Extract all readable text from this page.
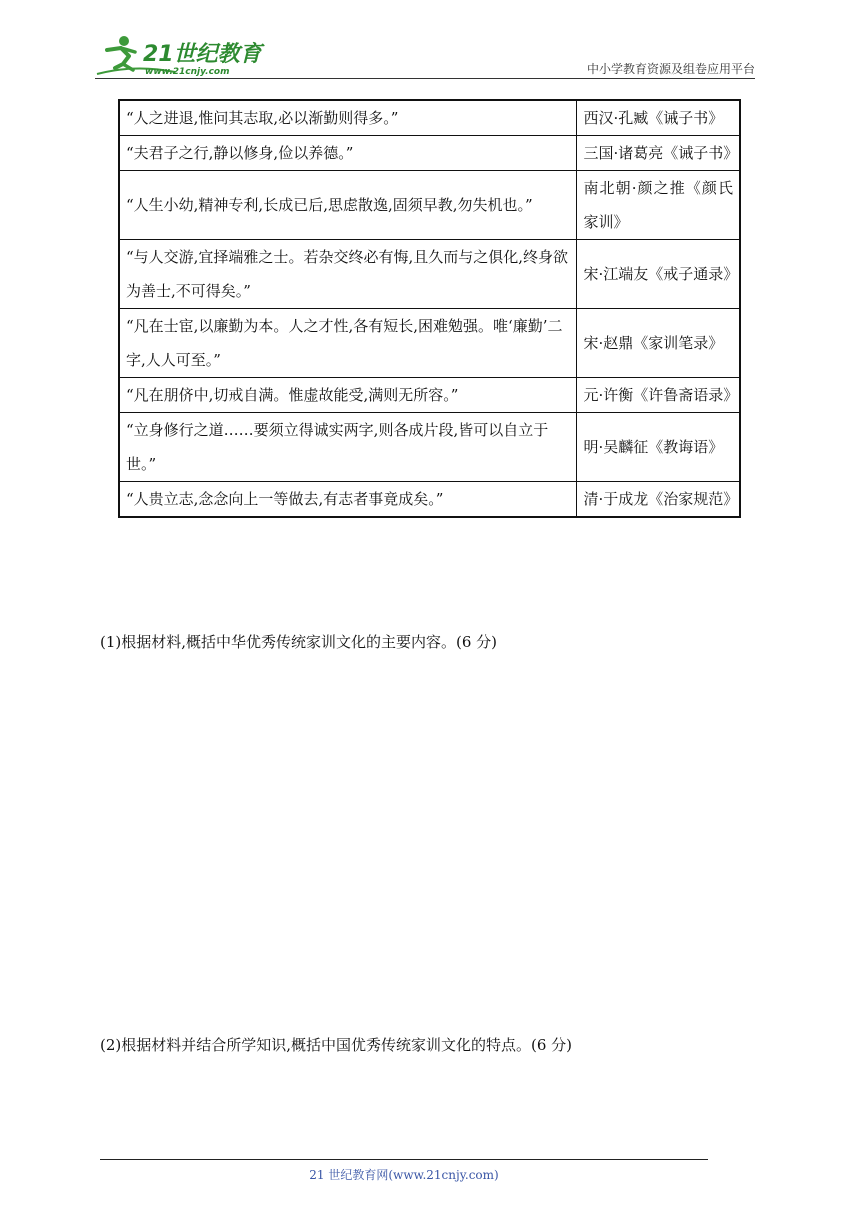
21世纪教育
www.21cnjy.com	中小学教育资源及组卷应用平台
“人之进退,惟问其志取,必以渐勤则得多。”	西汉·孔臧《诫子书》
“夫君子之行,静以修身,俭以养德。”	三国·诸葛亮《诫子书》
“人生小幼,精神专利,长成已后,思虑散逸,固须早教,勿失机也。”	南北朝·颜之推《颜氏家训》
“与人交游,宜择端雅之士。若杂交终必有悔,且久而与之俱化,终身欲为善士,不可得矣。”	宋·江端友《戒子通录》
“凡在士宦,以廉勤为本。人之才性,各有短长,困难勉强。唯‘廉勤’二字,人人可至。”	宋·赵鼎《家训笔录》
“凡在朋侪中,切戒自满。惟虚故能受,满则无所容。”	元·许衡《许鲁斋语录》
“立身修行之道……要须立得诚实两字,则各成片段,皆可以自立于世。”	明·吴麟征《教诲语》
“人贵立志,念念向上一等做去,有志者事竟成矣。”	清·于成龙《治家规范》
(1)根据材料,概括中华优秀传统家训文化的主要内容。(6 分)
(2)根据材料并结合所学知识,概括中国优秀传统家训文化的特点。(6 分)
21 世纪教育网(www.21cnjy.com)
